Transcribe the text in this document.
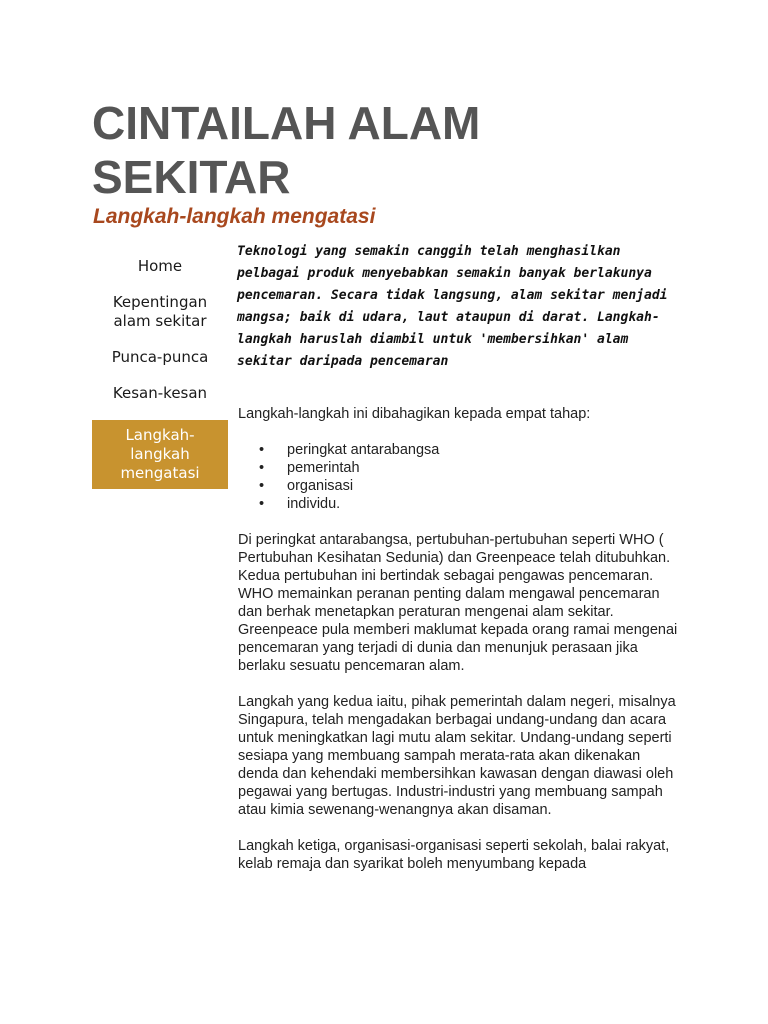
CINTAILAH ALAM SEKITAR
Langkah-langkah mengatasi
Home
Kepentingan alam sekitar
Punca-punca
Kesan-kesan
Langkah-langkah mengatasi
Teknologi yang semakin canggih telah menghasilkan pelbagai produk menyebabkan semakin banyak berlakunya pencemaran. Secara tidak langsung, alam sekitar menjadi mangsa; baik di udara, laut ataupun di darat. Langkah-langkah haruslah diambil untuk 'membersihkan' alam sekitar daripada pencemaran

Langkah-langkah ini dibahagikan kepada empat tahap:

• peringkat antarabangsa
• pemerintah
• organisasi
• individu.

Di peringkat antarabangsa, pertubuhan-pertubuhan seperti WHO ( Pertubuhan Kesihatan Sedunia) dan Greenpeace telah ditubuhkan. Kedua pertubuhan ini bertindak sebagai pengawas pencemaran. WHO memainkan peranan penting dalam mengawal pencemaran dan berhak menetapkan peraturan mengenai alam sekitar. Greenpeace pula memberi maklumat kepada orang ramai mengenai pencemaran yang terjadi di dunia dan menunjuk perasaan jika berlaku sesuatu pencemaran alam.

Langkah yang kedua iaitu, pihak pemerintah dalam negeri, misalnya Singapura, telah mengadakan berbagai undang-undang dan acara untuk meningkatkan lagi mutu alam sekitar. Undang-undang seperti sesiapa yang membuang sampah merata-rata akan dikenakan denda dan kehendaki membersihkan kawasan dengan diawasi oleh pegawai yang bertugas. Industri-industri yang membuang sampah atau kimia sewenang-wenangnya akan disaman.

Langkah ketiga, organisasi-organisasi seperti sekolah, balai rakyat, kelab remaja dan syarikat boleh menyumbang kepada
